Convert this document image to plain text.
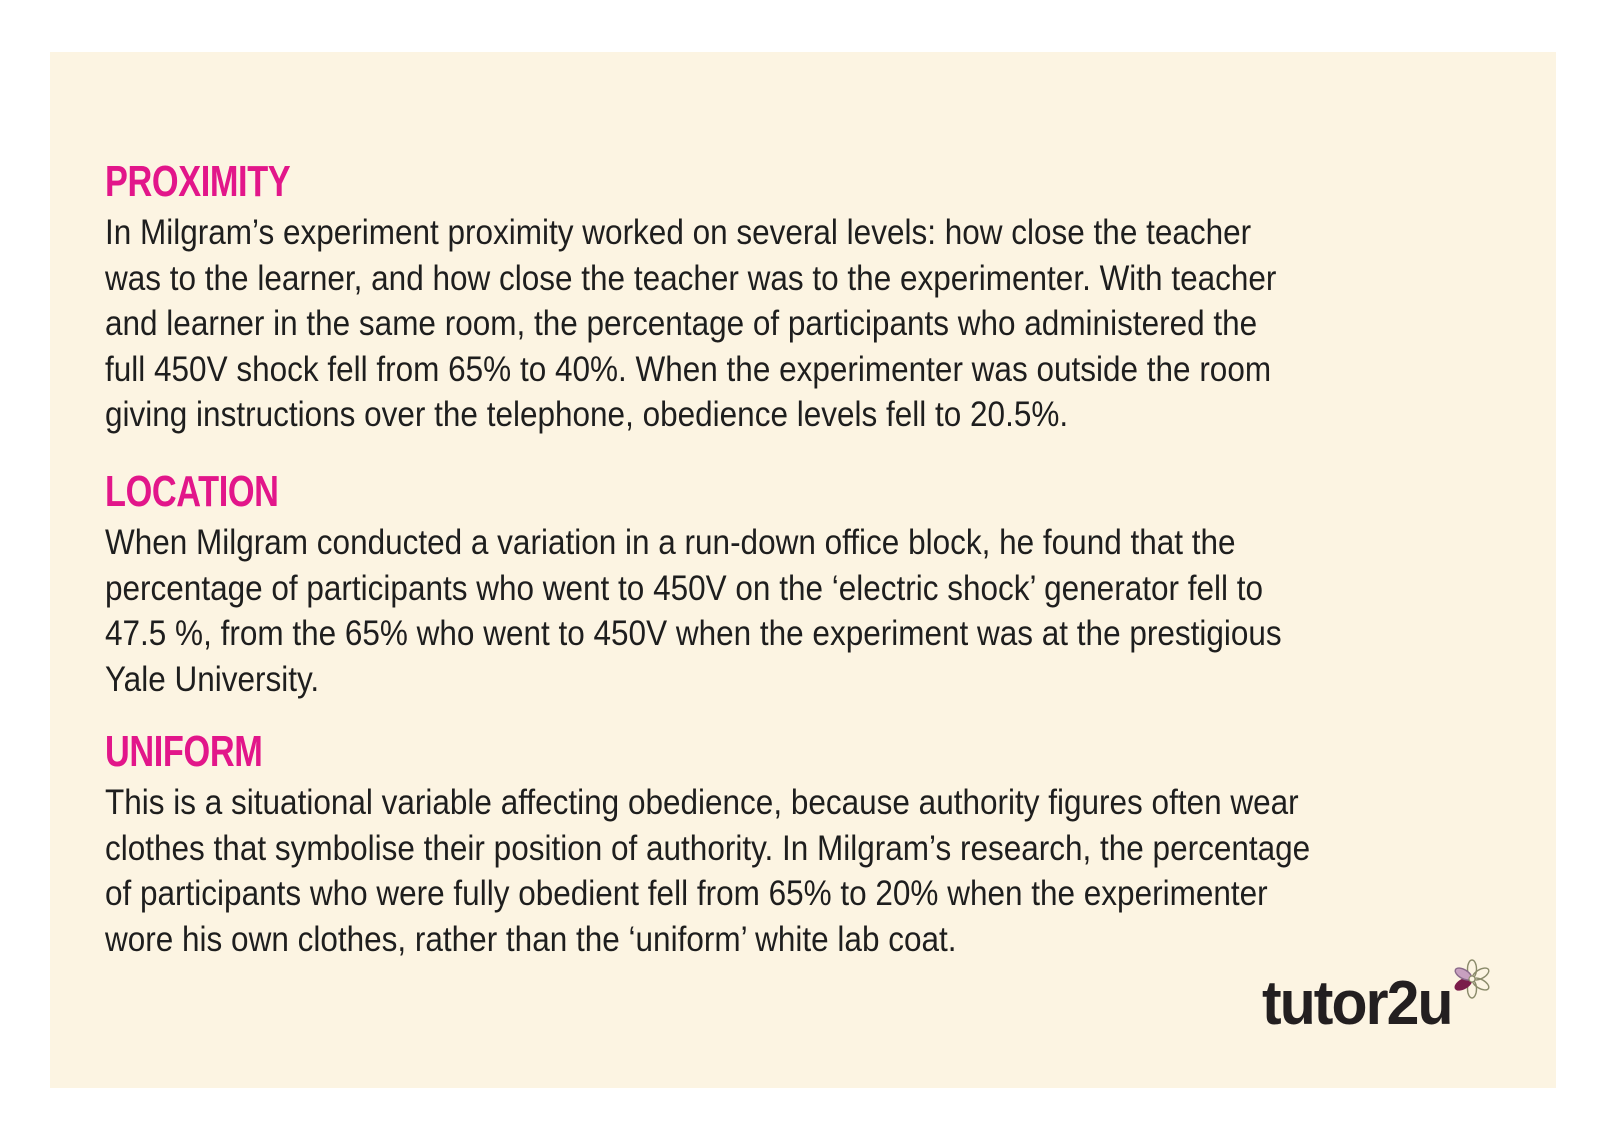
PROXIMITY

In Milgram’s experiment proximity worked on several levels: how close the teacher
was to the learner, and how close the teacher was to the experimenter. With teacher
and learner in the same room, the percentage of participants who administered the
full 450V shock fell from 65% to 40%. When the experimenter was outside the room
giving instructions over the telephone, obedience levels fell to 20.5%.

LOCATION

When Milgram conducted a variation in a run-down office block, he found that the
percentage of participants who went to 450V on the ‘electric shock’ generator fell to
47.5 %, from the 65% who went to 450V when the experiment was at the prestigious
Yale University.

UNIFORM

This is a situational variable affecting obedience, because authority figures often wear
clothes that symbolise their position of authority. In Milgram’s research, the percentage
of participants who were fully obedient fell from 65% to 20% when the experimenter
wore his own clothes, rather than the ‘uniform’ white lab coat.

tutor2u
